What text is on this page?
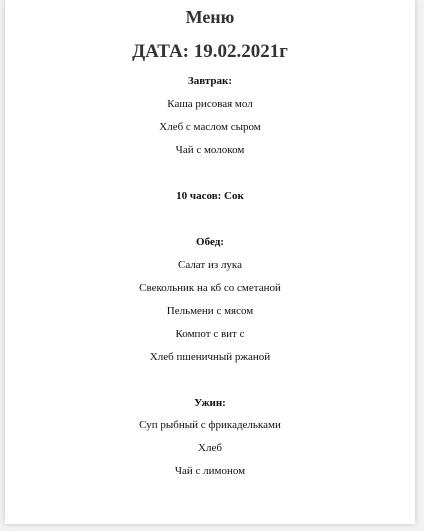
Меню
ДАТА: 19.02.2021г
Завтрак:
Каша рисовая мол
Хлеб с маслом сыром
Чай с молоком
10 часов: Сок
Обед:
Салат из лука
Свекольник на кб со сметаной
Пельмени с мясом
Компот с вит с
Хлеб пшеничный ржаной
Ужин:
Суп рыбный с фрикадельками
Хлеб
Чай с лимоном
